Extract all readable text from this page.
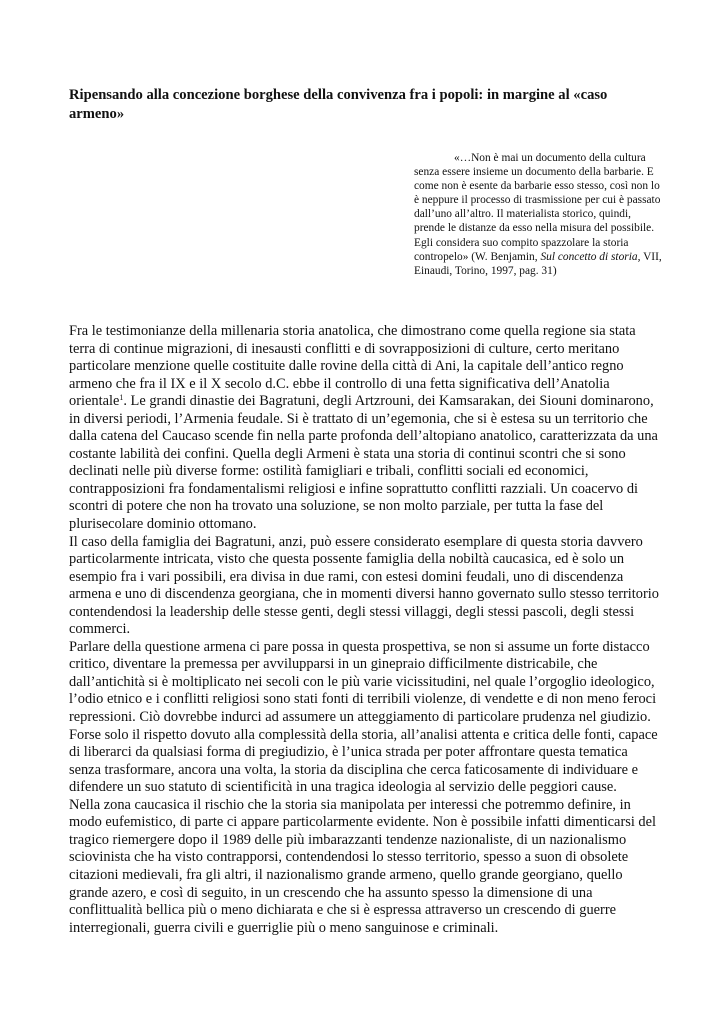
Ripensando alla concezione borghese della convivenza fra i popoli: in margine al «caso armeno»

«…Non è mai un documento della cultura senza essere insieme un documento della barbarie. E come non è esente da barbarie esso stesso, così non lo è neppure il processo di trasmissione per cui è passato dall’uno all’altro. Il materialista storico, quindi, prende le distanze da esso nella misura del possibile. Egli considera suo compito spazzolare la storia contropelo» (W. Benjamin, Sul concetto di storia, VII, Einaudi, Torino, 1997, pag. 31)

Fra le testimonianze della millenaria storia anatolica, che dimostrano come quella regione sia stata terra di continue migrazioni, di inesausti conflitti e di sovrapposizioni di culture, certo meritano particolare menzione quelle costituite dalle rovine della città di Ani, la capitale dell’antico regno armeno che fra il IX e il X secolo d.C. ebbe il controllo di una fetta significativa dell’Anatolia orientale$^1$. Le grandi dinastie dei Bagratuni, degli Artzrouni, dei Kamsarakan, dei Siouni dominarono, in diversi periodi, l’Armenia feudale. Si è trattato di un’egemonia, che si è estesa su un territorio che dalla catena del Caucaso scende fin nella parte profonda dell’altopiano anatolico, caratterizzata da una costante labilità dei confini. Quella degli Armeni è stata una storia di continui scontri che si sono declinati nelle più diverse forme: ostilità famigliari e tribali, conflitti sociali ed economici, contrapposizioni fra fondamentalismi religiosi e infine soprattutto conflitti razziali. Un coacervo di scontri di potere che non ha trovato una soluzione, se non molto parziale, per tutta la fase del plurisecolare dominio ottomano.

Il caso della famiglia dei Bagratuni, anzi, può essere considerato esemplare di questa storia davvero particolarmente intricata, visto che questa possente famiglia della nobiltà caucasica, ed è solo un esempio fra i vari possibili, era divisa in due rami, con estesi domini feudali, uno di discendenza armena e uno di discendenza georgiana, che in momenti diversi hanno governato sullo stesso territorio contendendosi la leadership delle stesse genti, degli stessi villaggi, degli stessi pascoli, degli stessi commerci.

Parlare della questione armena ci pare possa in questa prospettiva, se non si assume un forte distacco critico, diventare la premessa per avvilupparsi in un ginepraio difficilmente districabile, che dall’antichità si è moltiplicato nei secoli con le più varie vicissitudini, nel quale l’orgoglio ideologico, l’odio etnico e i conflitti religiosi sono stati fonti di terribili violenze, di vendette e di non meno feroci repressioni. Ciò dovrebbe indurci ad assumere un atteggiamento di particolare prudenza nel giudizio. Forse solo il rispetto dovuto alla complessità della storia, all’analisi attenta e critica delle fonti, capace di liberarci da qualsiasi forma di pregiudizio, è l’unica strada per poter affrontare questa tematica senza trasformare, ancora una volta, la storia da disciplina che cerca faticosamente di individuare e difendere un suo statuto di scientificità in una tragica ideologia al servizio delle peggiori cause.

Nella zona caucasica il rischio che la storia sia manipolata per interessi che potremmo definire, in modo eufemistico, di parte ci appare particolarmente evidente. Non è possibile infatti dimenticarsi del tragico riemergere dopo il 1989 delle più imbarazzanti tendenze nazionaliste, di un nazionalismo sciovinista che ha visto contrapporsi, contendendosi lo stesso territorio, spesso a suon di obsolete citazioni medievali, fra gli altri, il nazionalismo grande armeno, quello grande georgiano, quello grande azero, e così di seguito, in un crescendo che ha assunto spesso la dimensione di una conflittualità bellica più o meno dichiarata e che si è espressa attraverso un crescendo di guerre interregionali, guerra civili e guerriglie più o meno sanguinose e criminali.
